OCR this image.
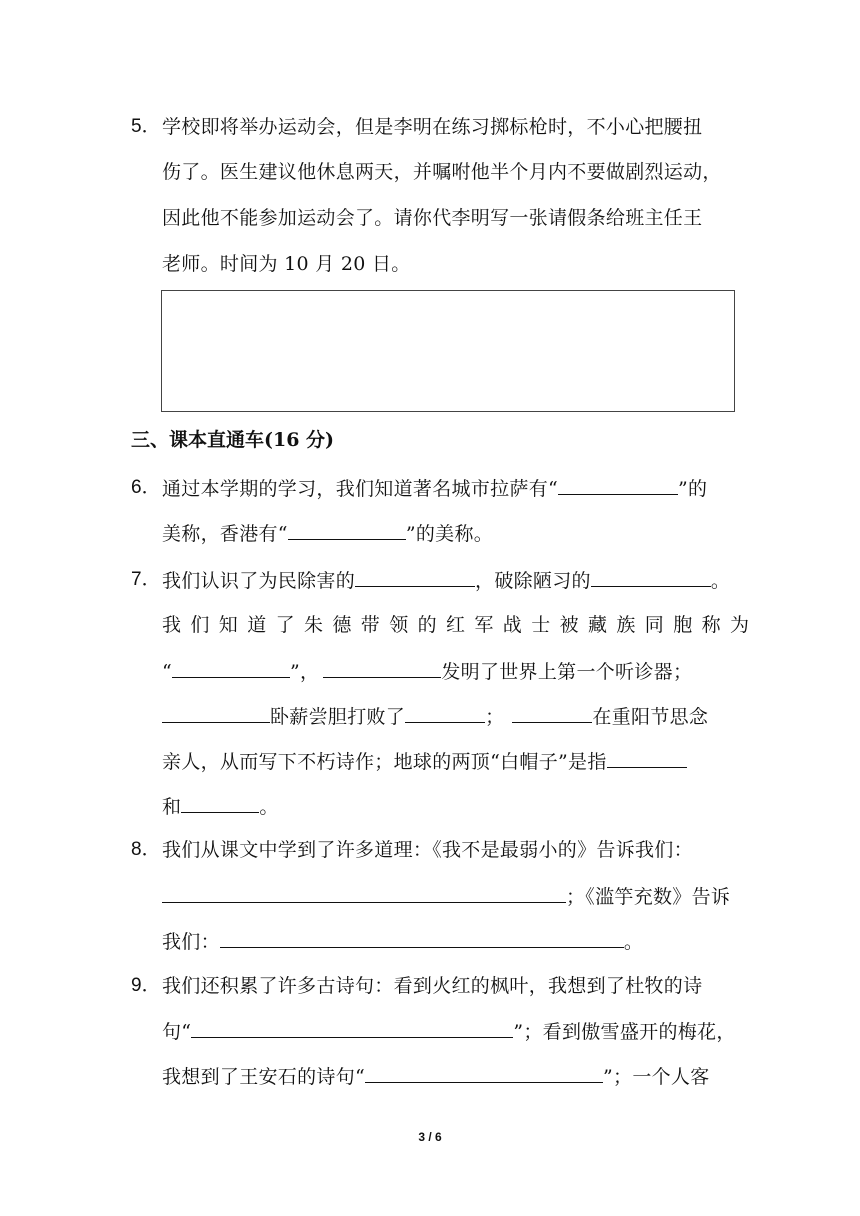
5． 学校即将举办运动会，但是李明在练习掷标枪时，不小心把腰扭
伤了。医生建议他休息两天，并嘱咐他半个月内不要做剧烈运动，
因此他不能参加运动会了。请你代李明写一张请假条给班主任王
老师。时间为 10 月 20 日。
三、课本直通车(16 分)
6． 通过本学期的学习，我们知道著名城市拉萨有“	”的
美称，香港有“	”的美称。
7． 我们认识了为民除害的	，破除陋习的	。
我们知道了朱德带领的红军战士被藏族同胞称为
“	”，	发明了世界上第一个听诊器；
卧薪尝胆打败了	；	在重阳节思念
亲人，从而写下不朽诗作；地球的两顶“白帽子”是指
和	。
8． 我们从课文中学到了许多道理：《我不是最弱小的》告诉我们：
；《滥竽充数》告诉
我们：	。
9． 我们还积累了许多古诗句：看到火红的枫叶，我想到了杜牧的诗
句“	”；看到傲雪盛开的梅花，
我想到了王安石的诗句“	”；一个人客
3 / 6
